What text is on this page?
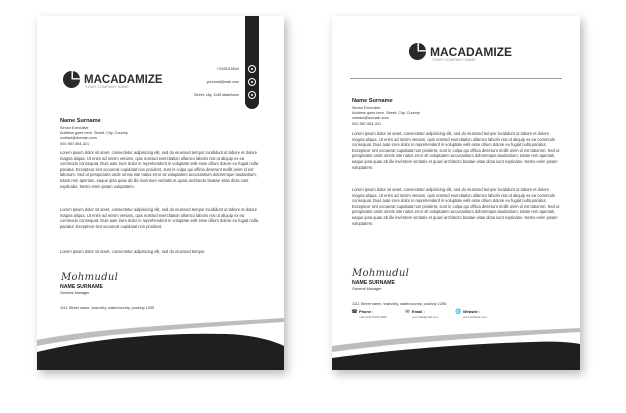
+2345115544
yourmail@mail.com
Street, city, 1145 state/town
MACADAMIZE
YOUR COMPANY NAME
Name Surname
Senior Executive
Address goes here. Street, City, Country
contact@domain.com
000-987-654-321

Lorem ipsum dolor sit amet, consectetur adipisicing elit, sed do eiusmod tempor incididunt ut labore et dolore magna aliqua. Ut enim ad minim veniam, quis nostrud exercitation ullamco laboris nisi ut aliquip ex ea commodo consequat. Duis aute irure dolor in reprehenderit in voluptate velit esse cillum dolore eu fugiat nulla pariatur. Excepteur sint occaecat cupidatat non proident, sunt in culpa qui officia deserunt mollit anim id est laborum. Sed ut perspiciatis unde omnis iste natus error sit voluptatem accusantium doloremque laudantium, totam rem aperiam, eaque ipsa quae ab illo inventore veritatis et quasi architecto beatae vitae dicta sunt explicabo. Nemo enim ipsam voluptatem.

Lorem ipsum dolor sit amet, consectetur adipisicing elit, sed do eiusmod tempor incididunt ut labore et dolore magna aliqua. Ut enim ad minim veniam, quis nostrud exercitation ullamco laboris nisi ut aliquip ex ea commodo consequat. Duis aute irure dolor in reprehenderit in voluptate velit esse cillum dolore eu fugiat nulla pariatur. Excepteur sint occaecat cupidatat non proident.

Lorem ipsum dolor sit amet, consectetur adipisicing elit, sed do eiusmod tempor.

Mohmudul
NAME SURNAME
General Manager
1111 Street name, town/city, state/country, post/zip 1255
MACADAMIZE
YOUR COMPANY NAME
Name Surname
Senior Executive
Address goes here. Street, City, Country
contact@domain.com
000-987-654-321

Lorem ipsum dolor sit amet, consectetur adipisicing elit, sed do eiusmod tempor incididunt ut labore et dolore magna aliqua. Ut enim ad minim veniam, quis nostrud exercitation ullamco laboris nisi ut aliquip ex ea commodo consequat. Duis aute irure dolor in reprehenderit in voluptate velit esse cillum dolore eu fugiat nulla pariatur. Excepteur sint occaecat cupidatat non proident, sunt in culpa qui officia deserunt mollit anim id est laborum. Sed ut perspiciatis unde omnis iste natus error sit voluptatem accusantium doloremque laudantium, totam rem aperiam, eaque ipsa quae ab illo inventore veritatis et quasi architecto beatae vitae dicta sunt explicabo. Nemo enim ipsam voluptatem.

Lorem ipsum dolor sit amet, consectetur adipisicing elit, sed do eiusmod tempor incididunt ut labore et dolore magna aliqua. Ut enim ad minim veniam, quis nostrud exercitation ullamco laboris nisi ut aliquip ex ea commodo consequat. Duis aute irure dolor in reprehenderit in voluptate velit esse cillum dolore eu fugiat nulla pariatur. Excepteur sint occaecat cupidatat non proident, sunt in culpa qui officia deserunt mollit anim id est laborum. Sed ut perspiciatis unde omnis iste natus error sit voluptatem accusantium doloremque laudantium, totam rem aperiam, eaque ipsa quae ab illo inventore veritatis et quasi architecto beatae vitae dicta sunt explicabo. Nemo enim ipsam voluptatem.

Mohmudul
NAME SURNAME
General Manager
1111 Street name, town/city, state/country, post/zip 1255
☎ Phone :
+00 1234 5678 9085
✉ Email :
yourmail@mail.com
🌐 Website :
www.website.com
